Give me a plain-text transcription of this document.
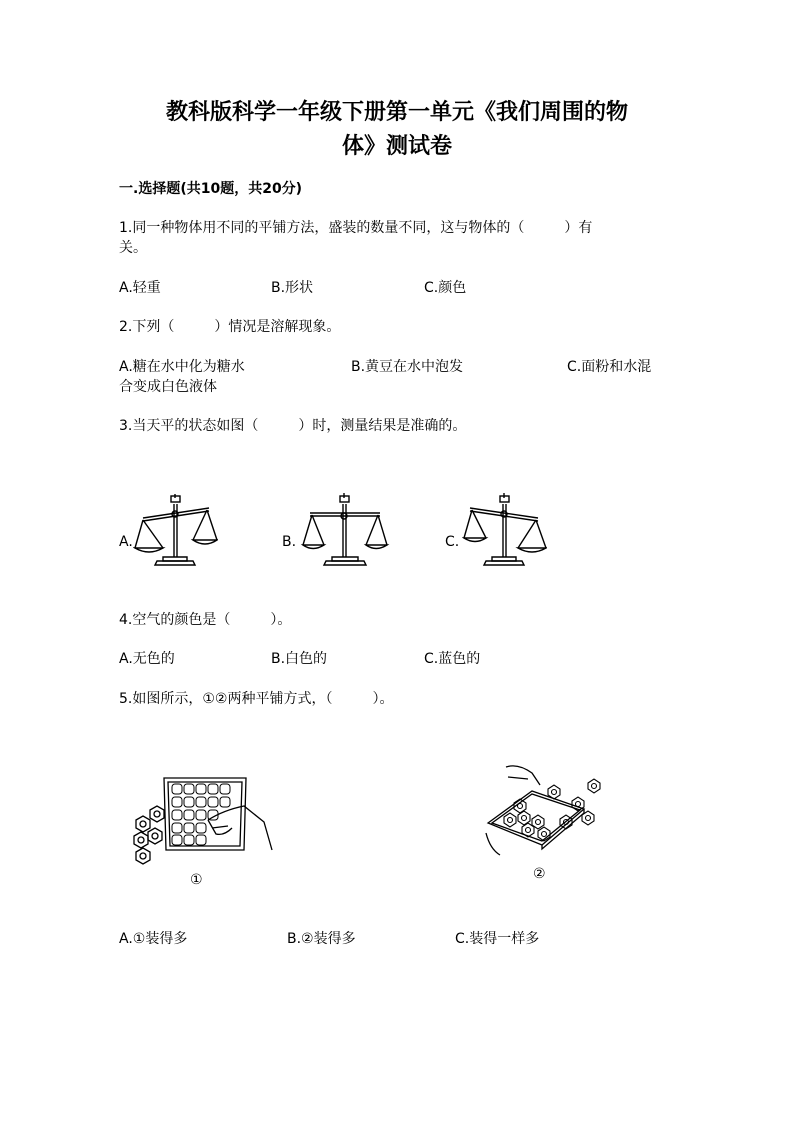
教科版科学一年级下册第一单元《我们周围的物
体》测试卷
一.选择题(共10题，共20分)
1.同一种物体用不同的平铺方法，盛装的数量不同，这与物体的（	）有
关。
A.轻重	B.形状	C.颜色
2.下列（	）情况是溶解现象。
A.糖在水中化为糖水	B.黄豆在水中泡发	C.面粉和水混
合变成白色液体
3.当天平的状态如图（	）时，测量结果是准确的。
A.	B.	C.
4.空气的颜色是（	）。
A.无色的	B.白色的	C.蓝色的
5.如图所示，①②两种平铺方式，（	）。
①	②
A.①装得多	B.②装得多	C.装得一样多
